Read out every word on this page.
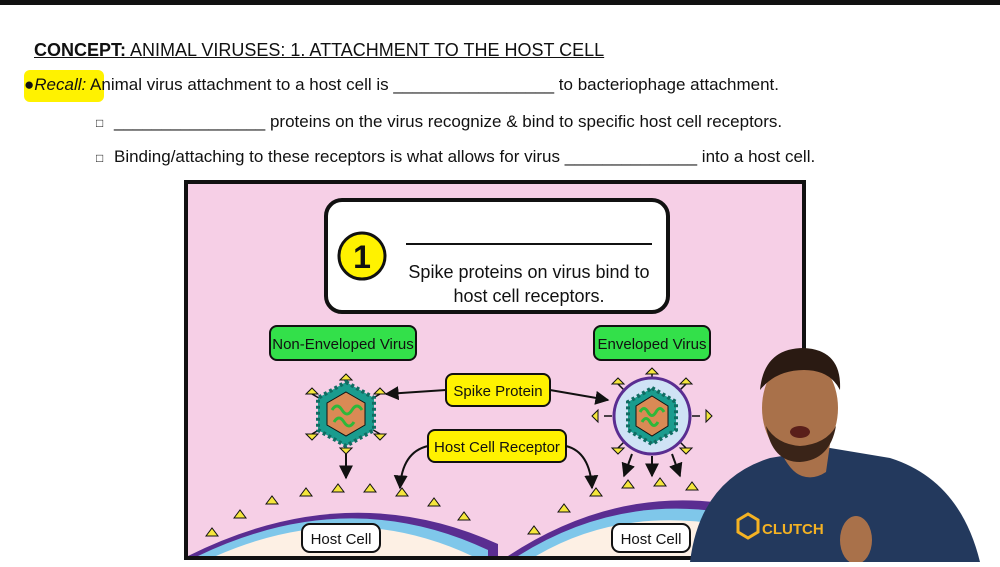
CONCEPT: ANIMAL VIRUSES: 1. ATTACHMENT TO THE HOST CELL
●Recall: Animal virus attachment to a host cell is _________________ to bacteriophage attachment.
□ ________________ proteins on the virus recognize & bind to specific host cell receptors.
□ Binding/attaching to these receptors is what allows for virus ______________ into a host cell.
1 Spike proteins on virus bind to
host cell receptors.
Non-Enveloped Virus	Enveloped Virus
Spike Protein
Host Cell Receptor
Host Cell	Host Cell
CLUTCH
